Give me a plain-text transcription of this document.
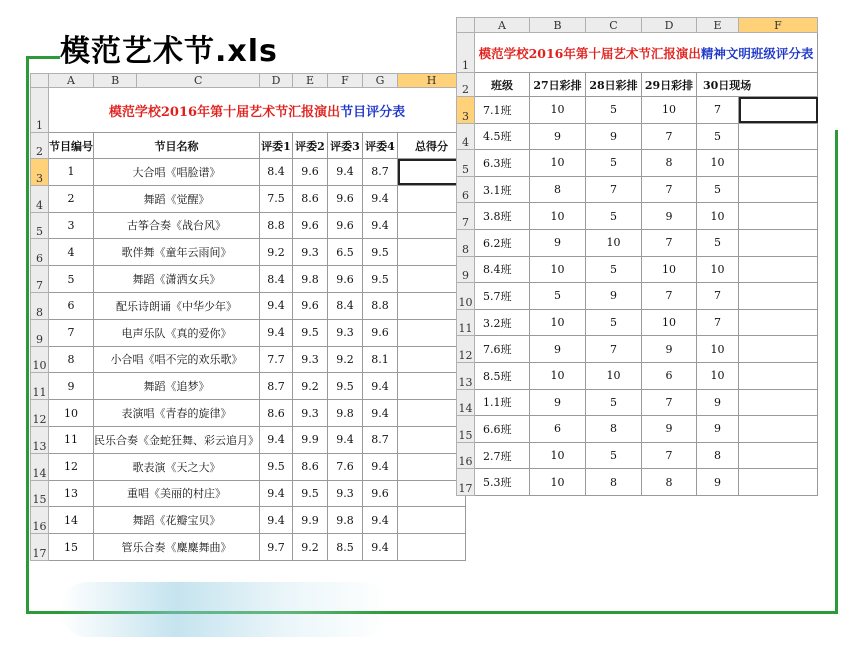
模范艺术节.xls
	A	B	C	D	E	F	G	H
1	模范学校2016年第十届艺术节汇报演出节目评分表							
2	节目编号	节目名称		评委1	评委2	评委3	评委4	总得分
3	1	大合唱《唱脸谱》		8.4	9.6	9.4	8.7	
4	2	舞蹈《觉醒》		7.5	8.6	9.6	9.4	
5	3	古筝合奏《战台风》		8.8	9.6	9.6	9.4	
6	4	歌伴舞《童年云雨间》		9.2	9.3	6.5	9.5	
7	5	舞蹈《潇洒女兵》		8.4	9.8	9.6	9.5	
8	6	配乐诗朗诵《中华少年》		9.4	9.6	8.4	8.8	
9	7	电声乐队《真的爱你》		9.4	9.5	9.3	9.6	
10	8	小合唱《唱不完的欢乐歌》		7.7	9.3	9.2	8.1	
11	9	舞蹈《追梦》		8.7	9.2	9.5	9.4	
12	10	表演唱《青春的旋律》		8.6	9.3	9.8	9.4	
13	11	民乐合奏《金蛇狂舞、彩云追月》		9.4	9.9	9.4	8.7	
14	12	歌表演《天之大》		9.5	8.6	7.6	9.4	
15	13	重唱《美丽的村庄》		9.4	9.5	9.3	9.6	
16	14	舞蹈《花瓣宝贝》		9.4	9.9	9.8	9.4	
17	15	管乐合奏《麋麋舞曲》		9.7	9.2	8.5	9.4	
	A	B	C	D	E	F
1	模范学校2016年第十届艺术节汇报演出精神文明班级评分表					
2	班级	27日彩排	28日彩排	29日彩排	30日现场	
3	7.1班	10	5	10	7	
4	4.5班	9	9	7	5	
5	6.3班	10	5	8	10	
6	3.1班	8	7	7	5	
7	3.8班	10	5	9	10	
8	6.2班	9	10	7	5	
9	8.4班	10	5	10	10	
10	5.7班	5	9	7	7	
11	3.2班	10	5	10	7	
12	7.6班	9	7	9	10	
13	8.5班	10	10	6	10	
14	1.1班	9	5	7	9	
15	6.6班	6	8	9	9	
16	2.7班	10	5	7	8	
17	5.3班	10	8	8	9	
